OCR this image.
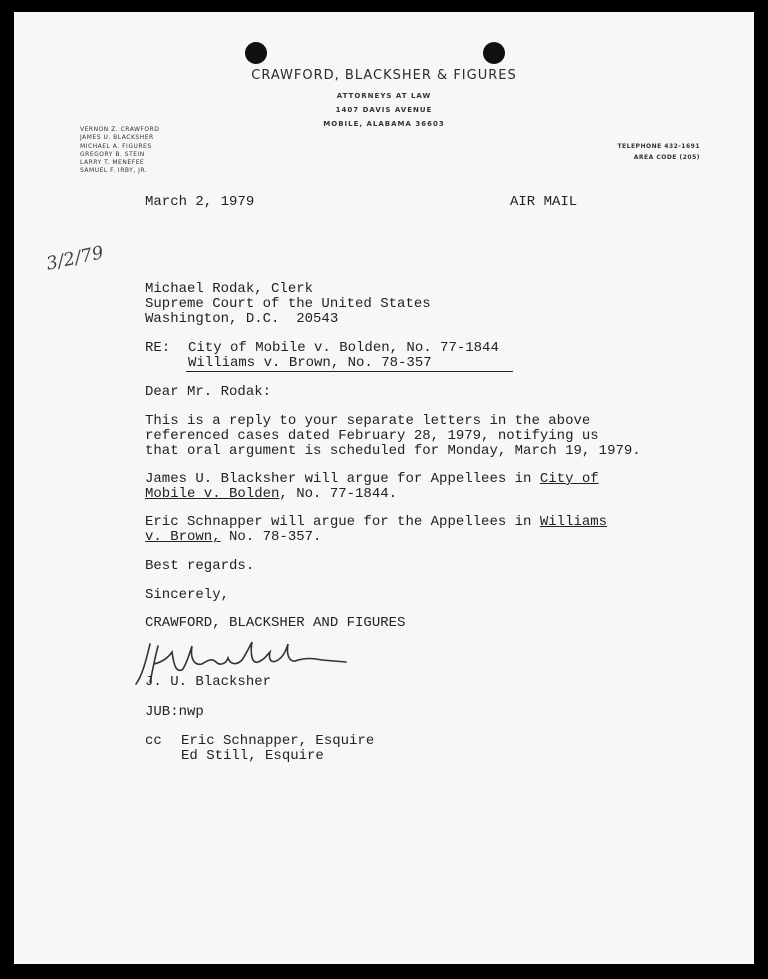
CRAWFORD, BLACKSHER & FIGURES
ATTORNEYS AT LAW
1407 DAVIS AVENUE
MOBILE, ALABAMA 36603
VERNON Z. CRAWFORD
JAMES U. BLACKSHER
MICHAEL A. FIGURES
GREGORY B. STEIN
LARRY T. MENEFEE
SAMUEL F. IRBY, JR.
TELEPHONE 432-1691
AREA CODE (205)
3/2/79
March 2, 1979	AIR MAIL
Michael Rodak, Clerk
Supreme Court of the United States
Washington, D.C.  20543
RE: City of Mobile v. Bolden, No. 77-1844
Williams v. Brown, No. 78-357
Dear Mr. Rodak:
This is a reply to your separate letters in the above
referenced cases dated February 28, 1979, notifying us
that oral argument is scheduled for Monday, March 19, 1979.
James U. Blacksher will argue for Appellees in City of
Mobile v. Bolden, No. 77-1844.
Eric Schnapper will argue for the Appellees in Williams
v. Brown, No. 78-357.
Best regards.
Sincerely,
CRAWFORD, BLACKSHER AND FIGURES
J. U. Blacksher
JUB:nwp
cc Eric Schnapper, Esquire
Ed Still, Esquire
